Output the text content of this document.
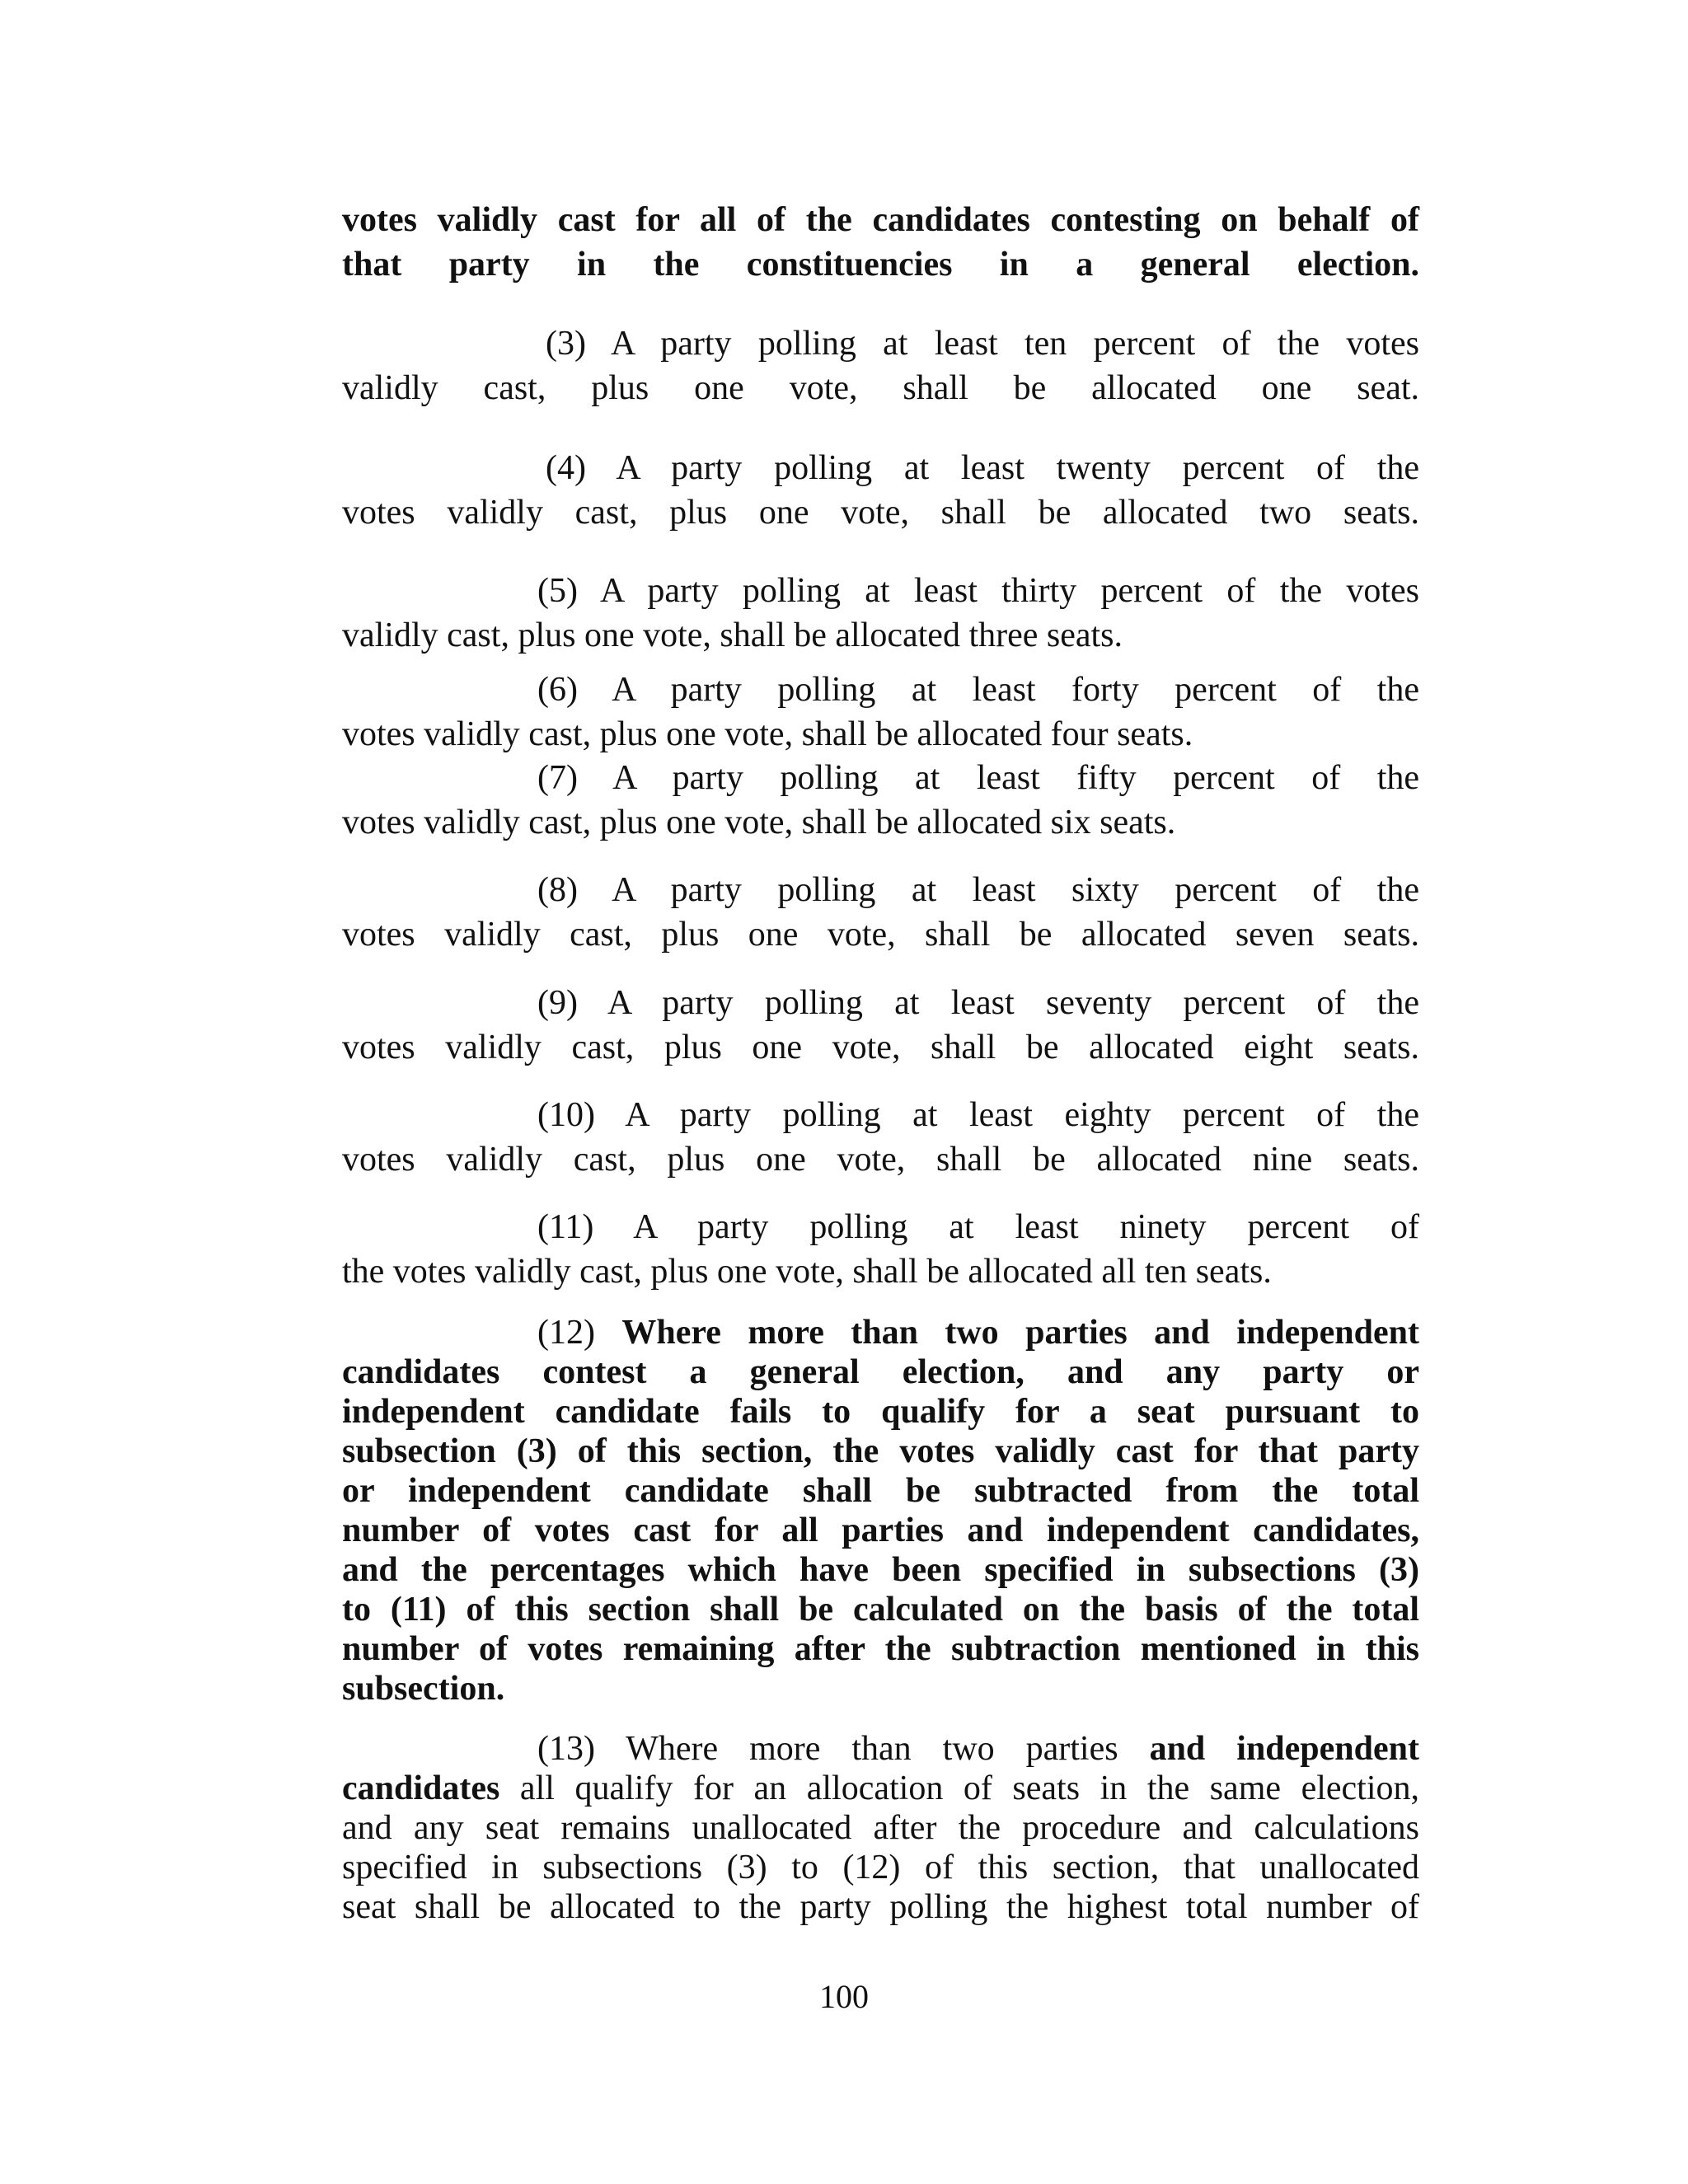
votes validly cast for all of the candidates contesting on behalf of

that party in the constituencies in a general election.

(3) A party polling at least ten percent of the votes

validly cast, plus one vote, shall be allocated one seat.

(4) A party polling at least twenty percent of the

votes validly cast, plus one vote, shall be allocated two seats.

(5) A party polling at least thirty percent of the votes

validly cast, plus one vote, shall be allocated three seats.

(6) A party polling at least forty percent of the

votes validly cast, plus one vote, shall be allocated four seats.

(7) A party polling at least fifty percent of the

votes validly cast, plus one vote, shall be allocated six seats.

(8) A party polling at least sixty percent of the

votes validly cast, plus one vote, shall be allocated seven seats.

(9) A party polling at least seventy percent of the

votes validly cast, plus one vote, shall be allocated eight seats.

(10) A party polling at least eighty percent of the

votes validly cast, plus one vote, shall be allocated nine seats.

(11) A party polling at least ninety percent of

the votes validly cast, plus one vote, shall be allocated all ten seats.

(12) Where more than two parties and independent

candidates contest a general election, and any party or

independent candidate fails to qualify for a seat pursuant to

subsection (3) of this section, the votes validly cast for that party

or independent candidate shall be subtracted from the total

number of votes cast for all parties and independent candidates,

and the percentages which have been specified in subsections (3)

to (11) of this section shall be calculated on the basis of the total

number of votes remaining after the subtraction mentioned in this

subsection.

(13) Where more than two parties and independent

candidates all qualify for an allocation of seats in the same election,

and any seat remains unallocated after the procedure and calculations

specified in subsections (3) to (12) of this section, that unallocated

seat shall be allocated to the party polling the highest total number of

100
